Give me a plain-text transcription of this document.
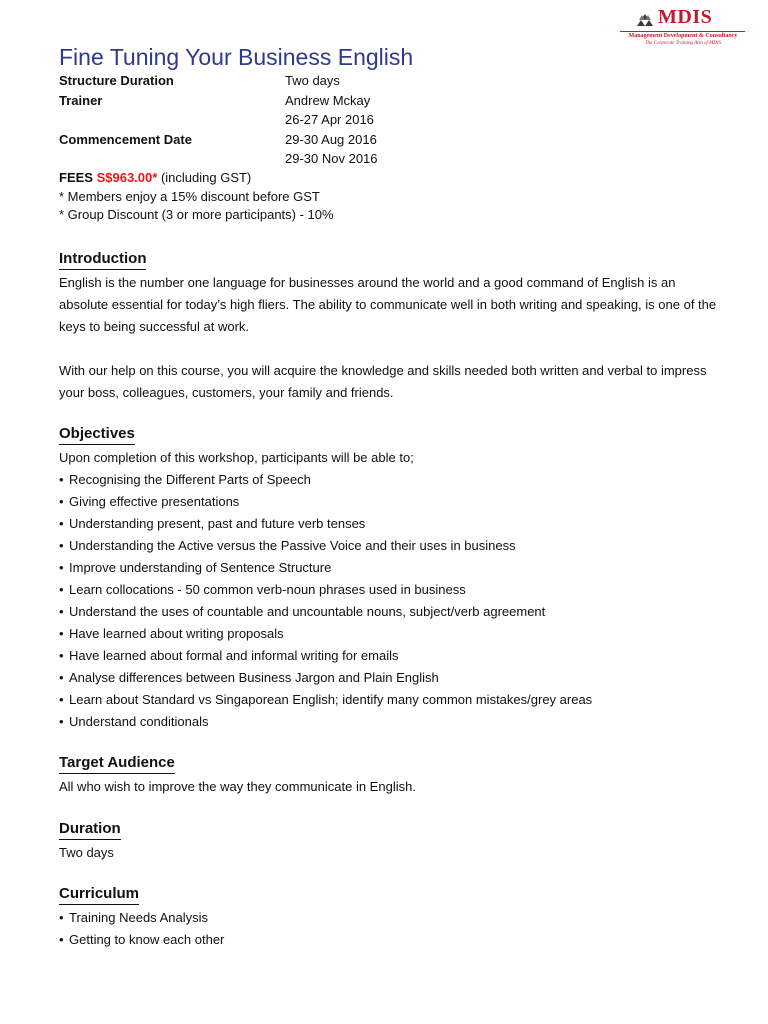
MDIS
Management Development & Consultancy
The Corporate Training Arm of MDIS
Fine Tuning Your Business English
Structure Duration	Two days
Trainer	Andrew Mckay
26-27 Apr 2016
Commencement Date	29-30 Aug 2016
29-30 Nov 2016
FEES S$963.00* (including GST)
* Members enjoy a 15% discount before GST
* Group Discount (3 or more participants) - 10%
Introduction

English is the number one language for businesses around the world and a good command of English is an absolute essential for today’s high fliers. The ability to communicate well in both writing and speaking, is one of the keys to being successful at work.

With our help on this course, you will acquire the knowledge and skills needed both written and verbal to impress your boss, colleagues, customers, your family and friends.

Objectives

Upon completion of this workshop, participants will be able to;

• Recognising the Different Parts of Speech
• Giving effective presentations
• Understanding present, past and future verb tenses
• Understanding the Active versus the Passive Voice and their uses in business
• Improve understanding of Sentence Structure
• Learn collocations - 50 common verb-noun phrases used in business
• Understand the uses of countable and uncountable nouns, subject/verb agreement
• Have learned about writing proposals
• Have learned about formal and informal writing for emails
• Analyse differences between Business Jargon and Plain English
• Learn about Standard vs Singaporean English; identify many common mistakes/grey areas
• Understand conditionals
Target Audience

All who wish to improve the way they communicate in English.

Duration

Two days

Curriculum
• Training Needs Analysis
• Getting to know each other
